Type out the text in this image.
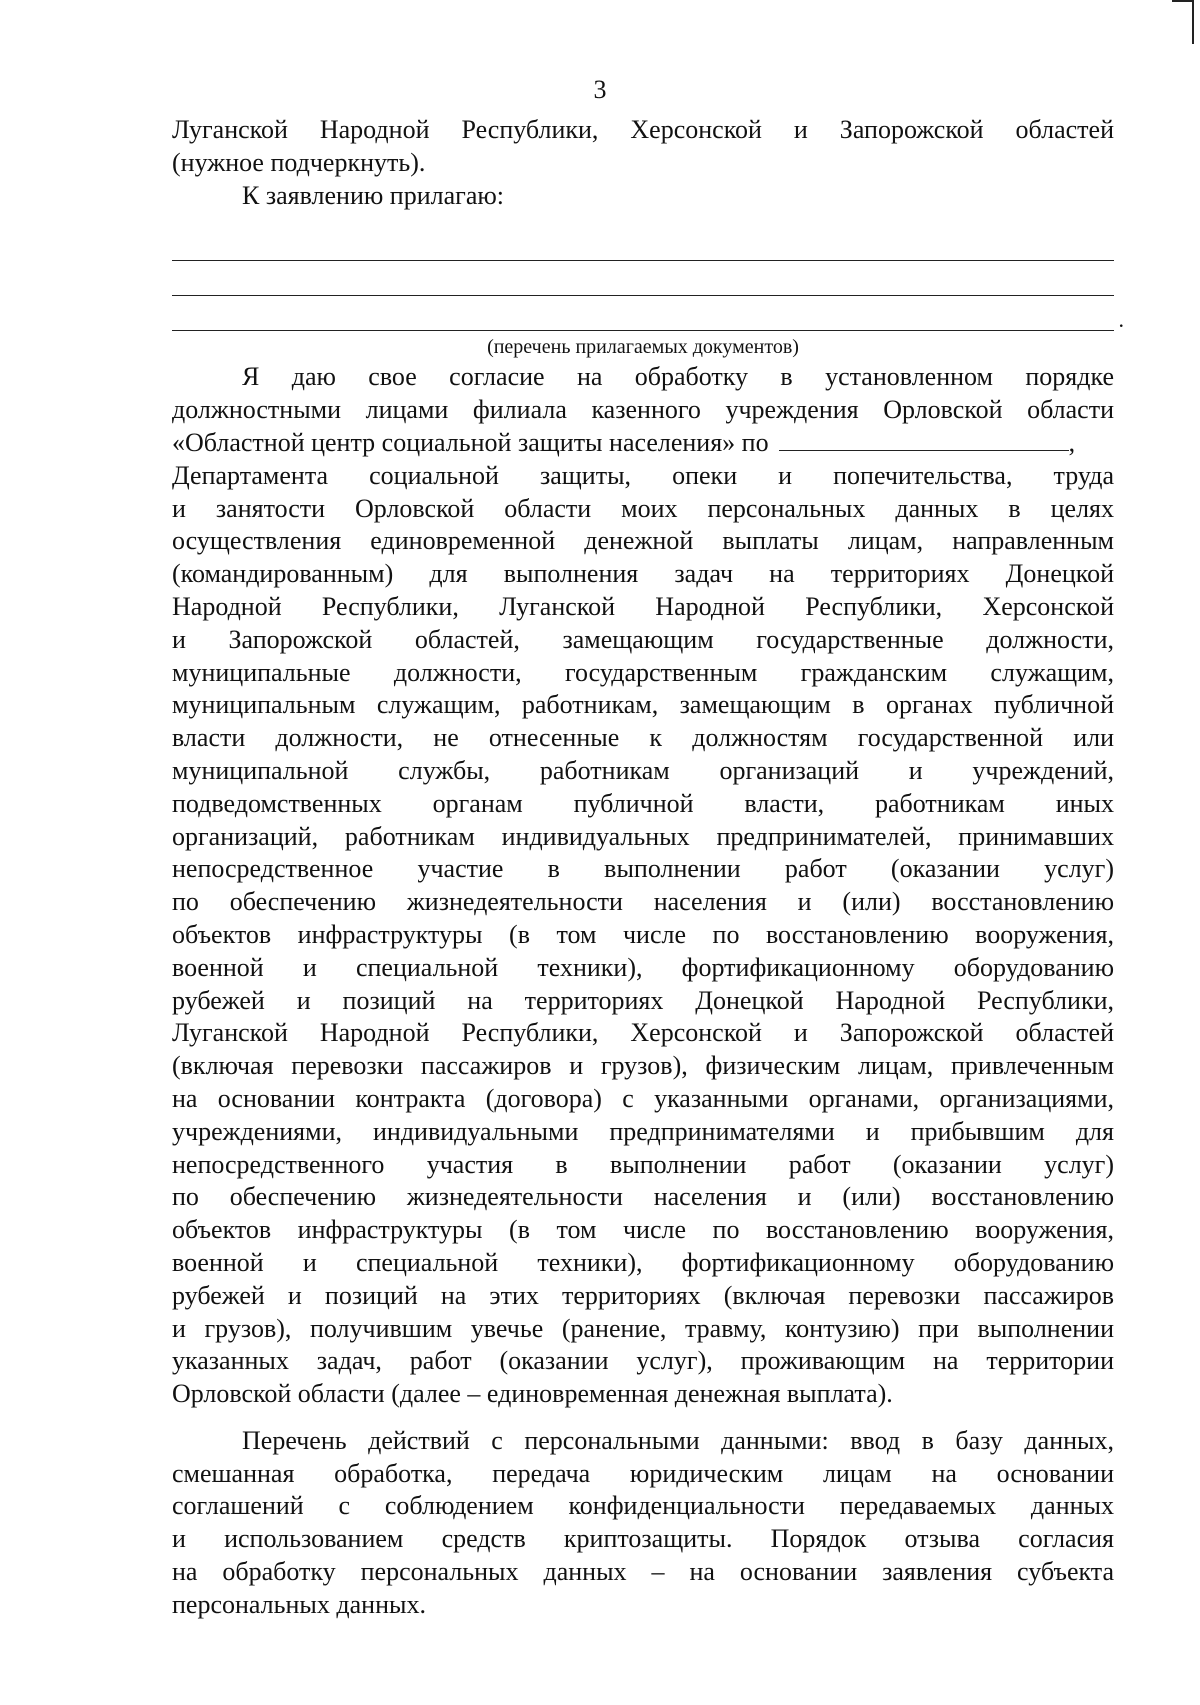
3

Луганской Народной Республики, Херсонской и Запорожской областей

(нужное подчеркнуть).

К заявлению прилагаю:

.

(перечень прилагаемых документов)

Я даю свое согласие на обработку в установленном порядке

должностными лицами филиала казенного учреждения Орловской области

«Областной центр социальной защиты населения» по	,

Департамента социальной защиты, опеки и попечительства, труда

и занятости Орловской области моих персональных данных в целях

осуществления единовременной денежной выплаты лицам, направленным

(командированным) для выполнения задач на территориях Донецкой

Народной Республики, Луганской Народной Республики, Херсонской

и Запорожской областей, замещающим государственные должности,

муниципальные должности, государственным гражданским служащим,

муниципальным служащим, работникам, замещающим в органах публичной

власти должности, не отнесенные к должностям государственной или

муниципальной службы, работникам организаций и учреждений,

подведомственных органам публичной власти, работникам иных

организаций, работникам индивидуальных предпринимателей, принимавших

непосредственное участие в выполнении работ (оказании услуг)

по обеспечению жизнедеятельности населения и (или) восстановлению

объектов инфраструктуры (в том числе по восстановлению вооружения,

военной и специальной техники), фортификационному оборудованию

рубежей и позиций на территориях Донецкой Народной Республики,

Луганской Народной Республики, Херсонской и Запорожской областей

(включая перевозки пассажиров и грузов), физическим лицам, привлеченным

на основании контракта (договора) с указанными органами, организациями,

учреждениями, индивидуальными предпринимателями и прибывшим для

непосредственного участия в выполнении работ (оказании услуг)

по обеспечению жизнедеятельности населения и (или) восстановлению

объектов инфраструктуры (в том числе по восстановлению вооружения,

военной и специальной техники), фортификационному оборудованию

рубежей и позиций на этих территориях (включая перевозки пассажиров

и грузов), получившим увечье (ранение, травму, контузию) при выполнении

указанных задач, работ (оказании услуг), проживающим на территории

Орловской области (далее – единовременная денежная выплата).

Перечень действий с персональными данными: ввод в базу данных,

смешанная обработка, передача юридическим лицам на основании

соглашений с соблюдением конфиденциальности передаваемых данных

и использованием средств криптозащиты. Порядок отзыва согласия

на обработку персональных данных – на основании заявления субъекта

персональных данных.
